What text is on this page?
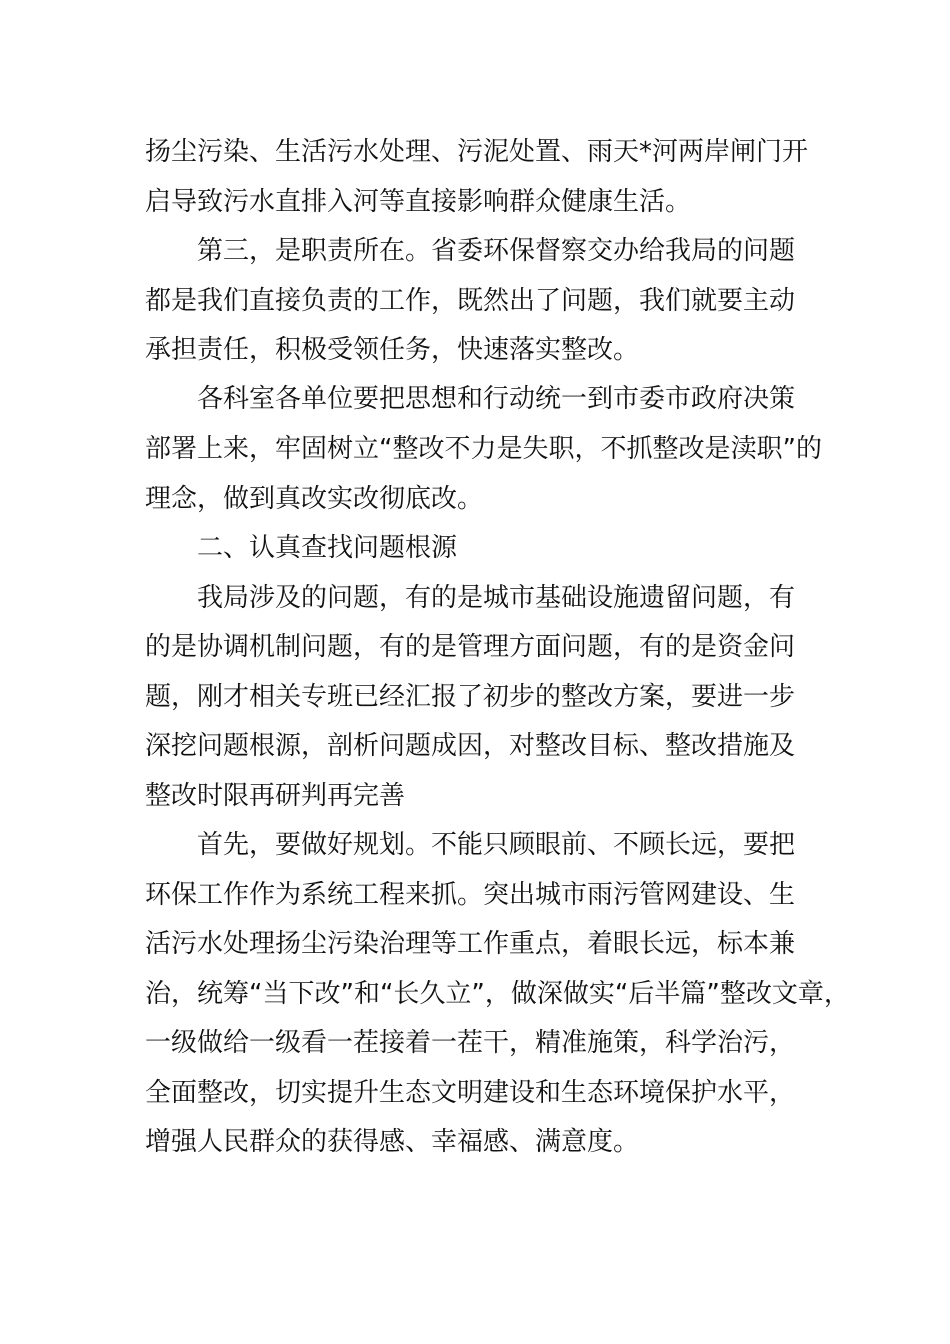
扬尘污染、生活污水处理、污泥处置、雨天*河两岸闸门开
启导致污水直排入河等直接影响群众健康生活。
第三，是职责所在。省委环保督察交办给我局的问题
都是我们直接负责的工作，既然出了问题，我们就要主动
承担责任，积极受领任务，快速落实整改。
各科室各单位要把思想和行动统一到市委市政府决策
部署上来，牢固树立“整改不力是失职，不抓整改是渎职”的
理念，做到真改实改彻底改。
二、认真查找问题根源
我局涉及的问题，有的是城市基础设施遗留问题，有
的是协调机制问题，有的是管理方面问题，有的是资金问
题，刚才相关专班已经汇报了初步的整改方案，要进一步
深挖问题根源，剖析问题成因，对整改目标、整改措施及
整改时限再研判再完善
首先，要做好规划。不能只顾眼前、不顾长远，要把
环保工作作为系统工程来抓。突出城市雨污管网建设、生
活污水处理扬尘污染治理等工作重点，着眼长远，标本兼
治，统筹“当下改”和“长久立”，做深做实“后半篇”整改文章，
一级做给一级看一茬接着一茬干，精准施策，科学治污，
全面整改，切实提升生态文明建设和生态环境保护水平，
增强人民群众的获得感、幸福感、满意度。
